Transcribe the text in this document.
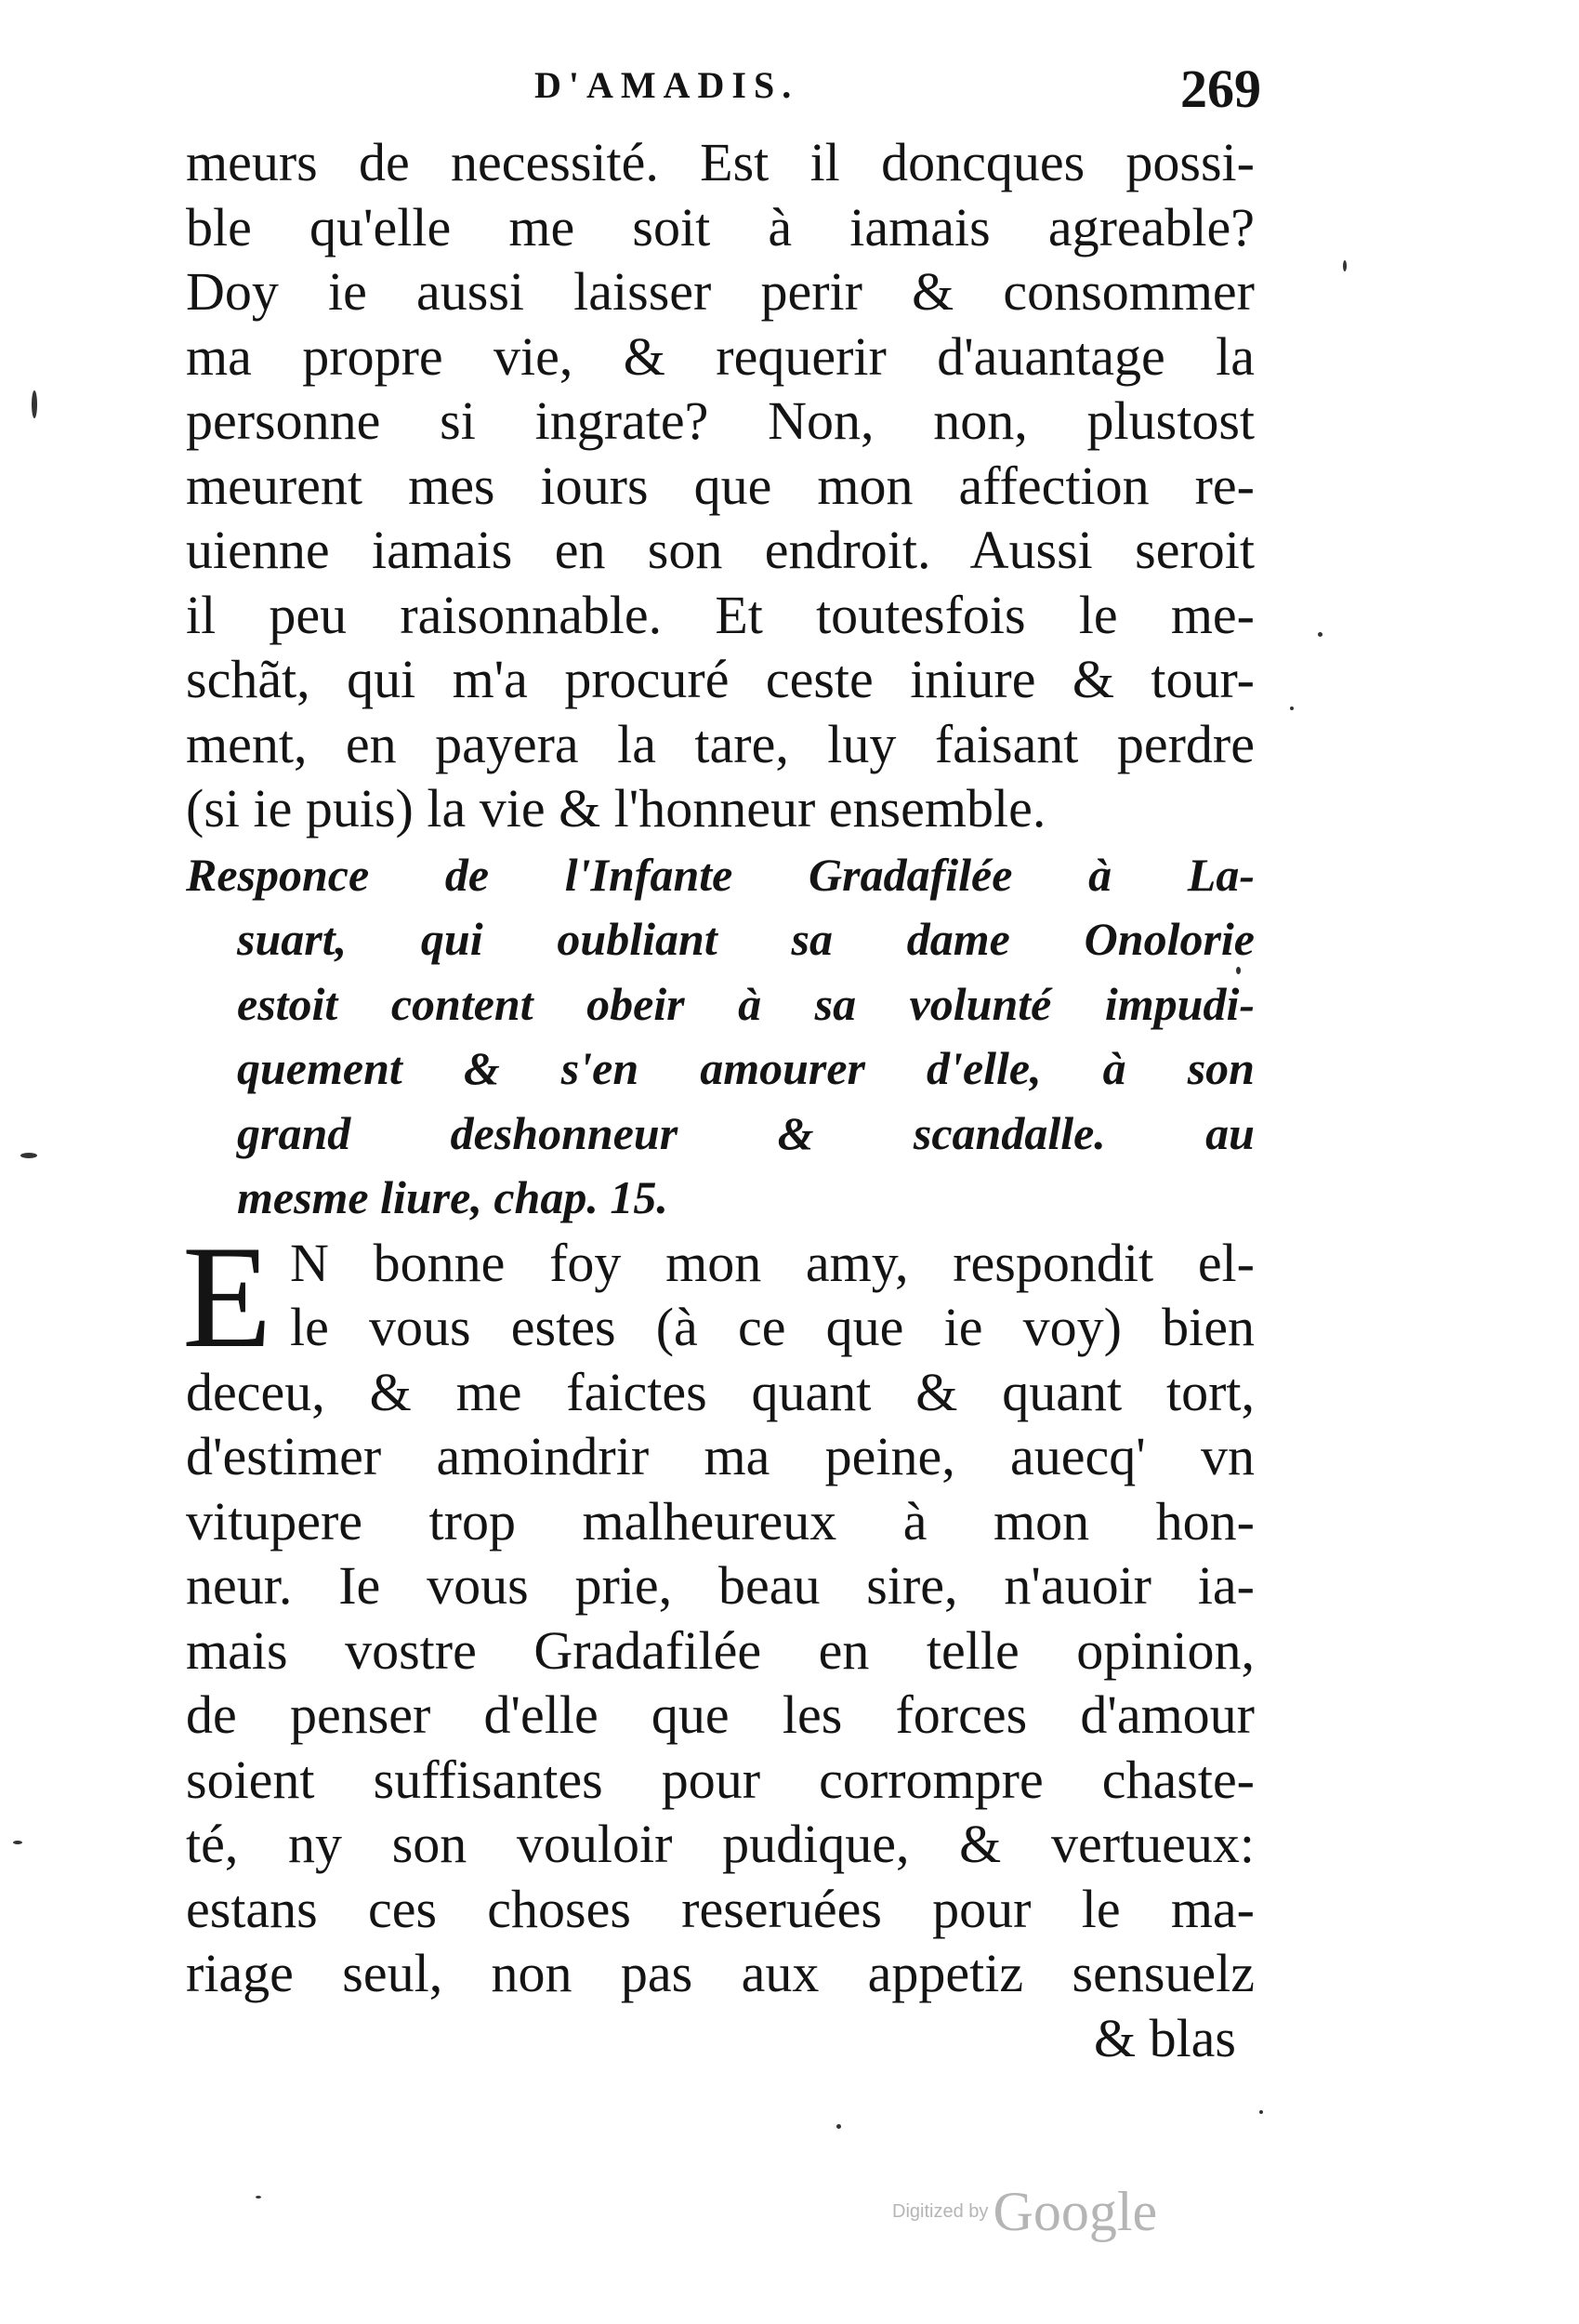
D'AMADIS.	269
meurs de necessité. Est il doncques possi-
ble qu'elle me soit à iamais agreable?
Doy ie aussi laisser perir & consommer
ma propre vie, & requerir d'auantage la
personne si ingrate? Non, non, plustost
meurent mes iours que mon affection re-
uienne iamais en son endroit. Aussi seroit
il peu raisonnable. Et toutesfois le me-
schãt, qui m'a procuré ceste iniure & tour-
ment, en payera la tare, luy faisant perdre
(si ie puis) la vie & l'honneur ensemble.
Responce de l'Infante Gradafilée à La-
suart, qui oubliant sa dame Onolorie
estoit content obeir à sa volunté impudi-
quement & s'en amourer d'elle, à son
grand deshonneur & scandalle. au
mesme liure, chap. 15.
E N bonne foy mon amy, respondit el-
le vous estes (à ce que ie voy) bien
deceu, & me faictes quant & quant tort,
d'estimer amoindrir ma peine, auecq' vn
vitupere trop malheureux à mon hon-
neur. Ie vous prie, beau sire, n'auoir ia-
mais vostre Gradafilée en telle opinion,
de penser d'elle que les forces d'amour
soient suffisantes pour corrompre chaste-
té, ny son vouloir pudique, & vertueux:
estans ces choses reseruées pour le ma-
riage seul, non pas aux appetiz sensuelz
& blas
Digitized by Google
